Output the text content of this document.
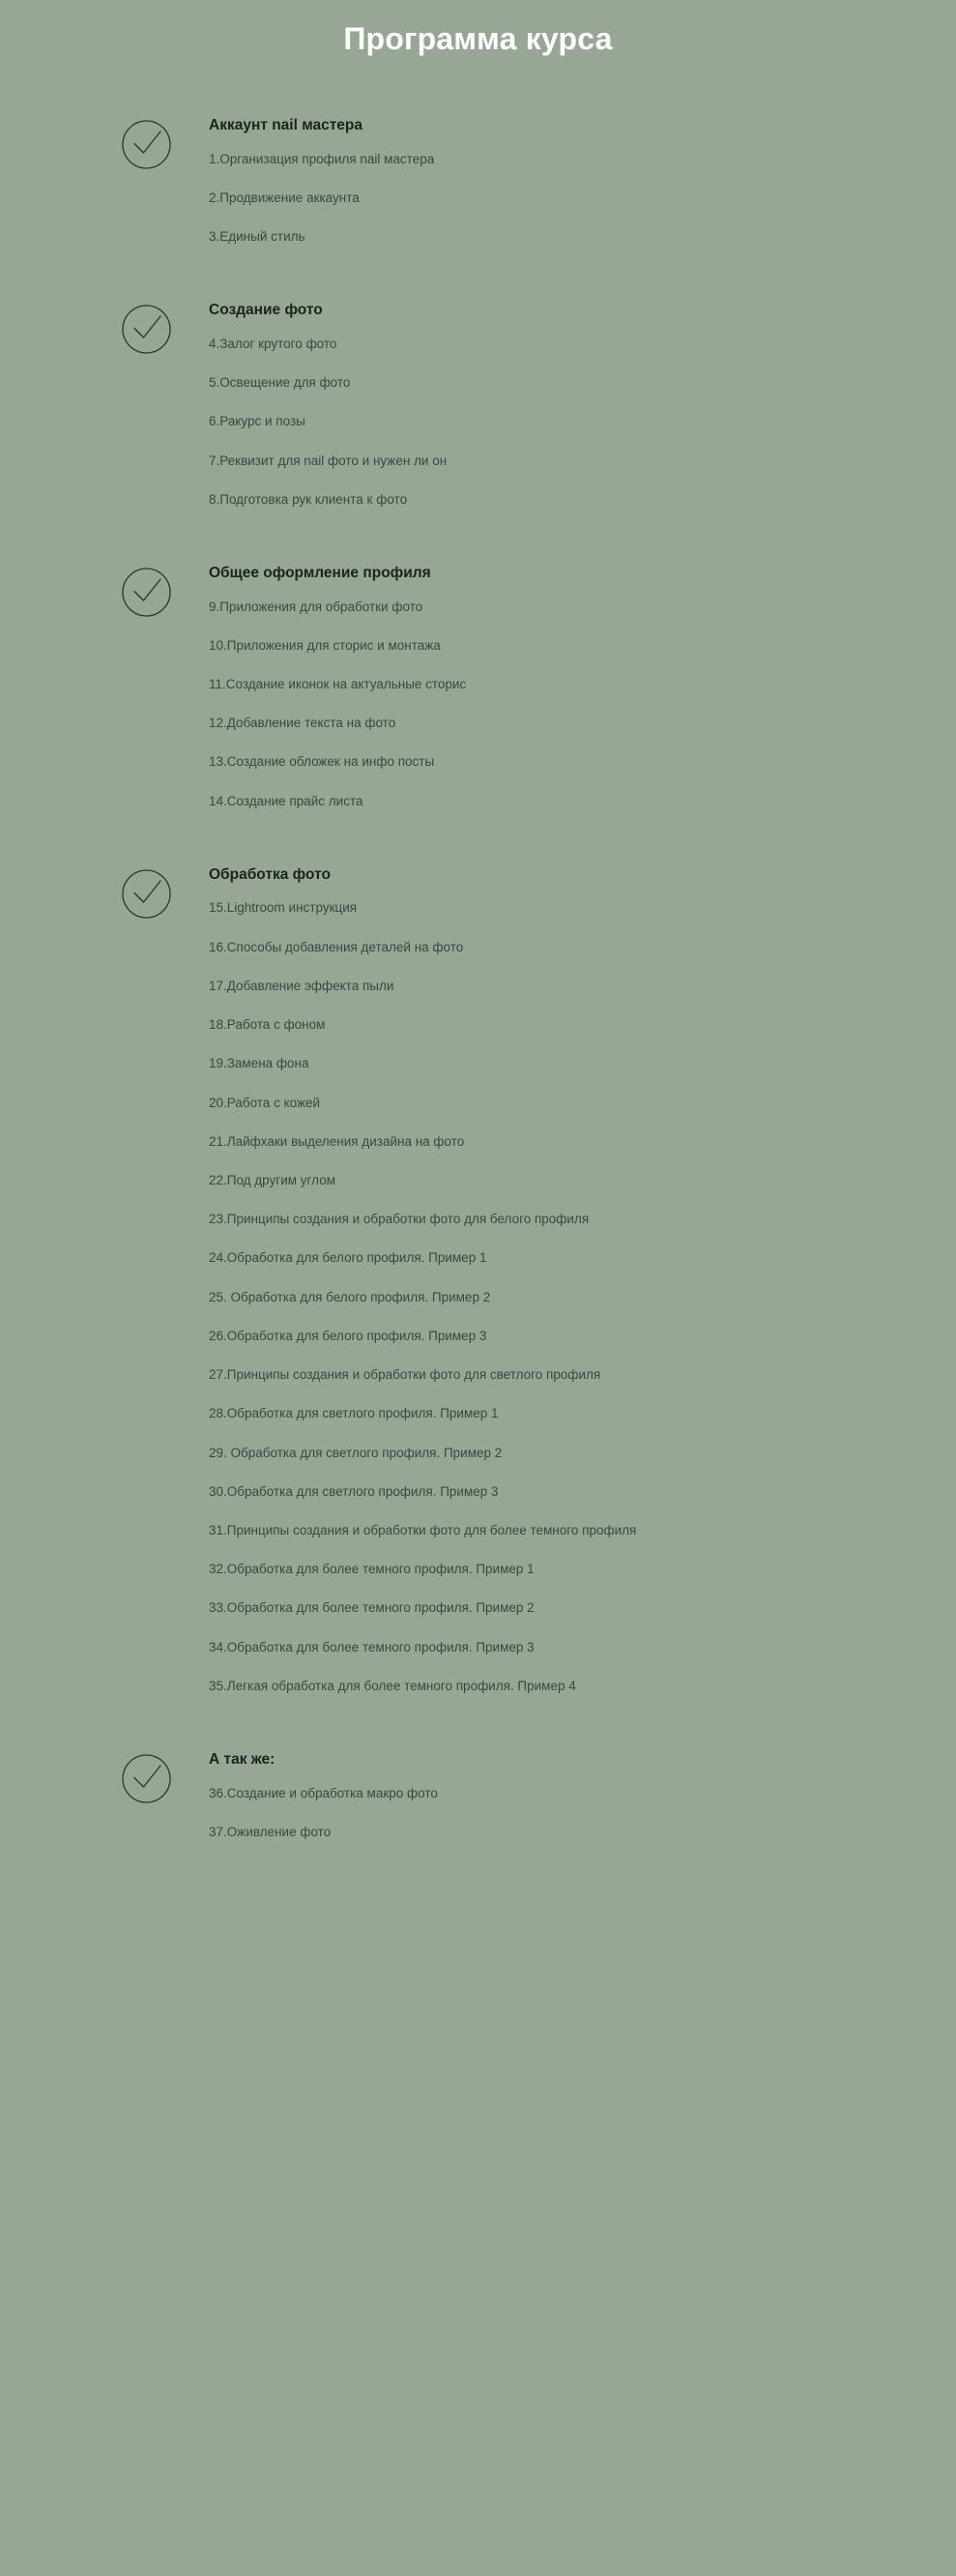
Программа курса
Аккаунт nail мастера
1.Организация профиля nail мастера
2.Продвижение аккаунта
3.Единый стиль
Создание фото
4.Залог крутого фото
5.Освещение для фото
6.Ракурс и позы
7.Реквизит для nail фото и нужен ли он
8.Подготовка рук клиента к фото
Общее оформление профиля
9.Приложения для обработки фото
10.Приложения для сторис и монтажа
11.Создание иконок на актуальные сторис
12.Добавление текста на фото
13.Создание обложек на инфо посты
14.Создание прайс листа
Обработка фото
15.Lightroom инструкция
16.Способы добавления деталей на фото
17.Добавление эффекта пыли
18.Работа с фоном
19.Замена фона
20.Работа с кожей
21.Лайфхаки выделения дизайна на фото
22.Под другим углом
23.Принципы создания и обработки фото для белого профиля
24.Обработка для белого профиля. Пример 1
25. Обработка для белого профиля. Пример 2
26.Обработка для белого профиля. Пример 3
27.Принципы создания и обработки фото для светлого профиля
28.Обработка для светлого профиля. Пример 1
29. Обработка для светлого профиля. Пример 2
30.Обработка для светлого профиля. Пример 3
31.Принципы создания и обработки фото для более темного профиля
32.Обработка для более темного профиля. Пример 1
33.Обработка для более темного профиля. Пример 2
34.Обработка для более темного профиля. Пример 3
35.Легкая обработка для более темного профиля. Пример 4
А так же:
36.Создание и обработка макро фото
37.Оживление фото
